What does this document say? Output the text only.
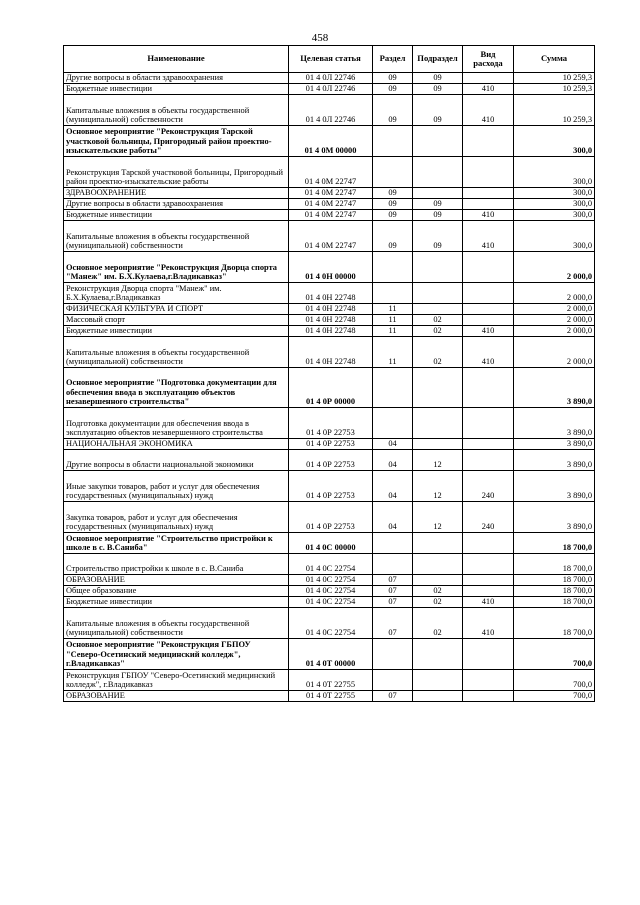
458
Наименование	Целевая статья	Раздел	Подраздел	Вид расхода	Сумма
Другие вопросы в области здравоохранения	01 4 0Л 22746	09	09		10 259,3
Бюджетные инвестиции	01 4 0Л 22746	09	09	410	10 259,3
Капитальные вложения в объекты государственной (муниципальной) собственности	01 4 0Л 22746	09	09	410	10 259,3
Основное мероприятие "Реконструкция Тарской участковой больницы, Пригородный район проектно-изыскательские работы"	01 4 0М 00000				300,0
Реконструкция Тарской участковой больницы, Пригородный район проектно-изыскательские работы	01 4 0М 22747				300,0
ЗДРАВООХРАНЕНИЕ	01 4 0М 22747	09			300,0
Другие вопросы в области здравоохранения	01 4 0М 22747	09	09		300,0
Бюджетные инвестиции	01 4 0М 22747	09	09	410	300,0
Капитальные вложения в объекты государственной (муниципальной) собственности	01 4 0М 22747	09	09	410	300,0
Основное мероприятие "Реконструкция Дворца спорта "Манеж" им. Б.Х.Кулаева,г.Владикавказ"	01 4 0Н 00000				2 000,0
Реконструкция Дворца спорта "Манеж" им. Б.Х.Кулаева,г.Владикавказ	01 4 0Н 22748				2 000,0
ФИЗИЧЕСКАЯ КУЛЬТУРА И СПОРТ	01 4 0Н 22748	11			2 000,0
Массовый спорт	01 4 0Н 22748	11	02		2 000,0
Бюджетные инвестиции	01 4 0Н 22748	11	02	410	2 000,0
Капитальные вложения в объекты государственной (муниципальной) собственности	01 4 0Н 22748	11	02	410	2 000,0
Основное мероприятие "Подготовка документации для обеспечения ввода в эксплуатацию объектов незавершенного строительства"	01 4 0Р 00000				3 890,0
Подготовка документации для обеспечения ввода в эксплуатацию объектов незавершенного строительства	01 4 0Р 22753				3 890,0
НАЦИОНАЛЬНАЯ ЭКОНОМИКА	01 4 0Р 22753	04			3 890,0
Другие вопросы в области национальной экономики	01 4 0Р 22753	04	12		3 890,0
Иные закупки товаров, работ и услуг для обеспечения государственных (муниципальных) нужд	01 4 0Р 22753	04	12	240	3 890,0
Закупка товаров, работ и услуг для обеспечения государственных (муниципальных) нужд	01 4 0Р 22753	04	12	240	3 890,0
Основное мероприятие "Строительство пристройки к школе в с. В.Саниба"	01 4 0С 00000				18 700,0
Строительство пристройки к школе в с. В.Саниба	01 4 0С 22754				18 700,0
ОБРАЗОВАНИЕ	01 4 0С 22754	07			18 700,0
Общее образование	01 4 0С 22754	07	02		18 700,0
Бюджетные инвестиции	01 4 0С 22754	07	02	410	18 700,0
Капитальные вложения в объекты государственной (муниципальной) собственности	01 4 0С 22754	07	02	410	18 700,0
Основное мероприятие "Реконструкция ГБПОУ "Северо-Осетинский медицинский колледж", г.Владикавказ"	01 4 0Т 00000				700,0
Реконструкция ГБПОУ "Северо-Осетинский медицинский колледж", г.Владикавказ	01 4 0Т 22755				700,0
ОБРАЗОВАНИЕ	01 4 0Т 22755	07			700,0
